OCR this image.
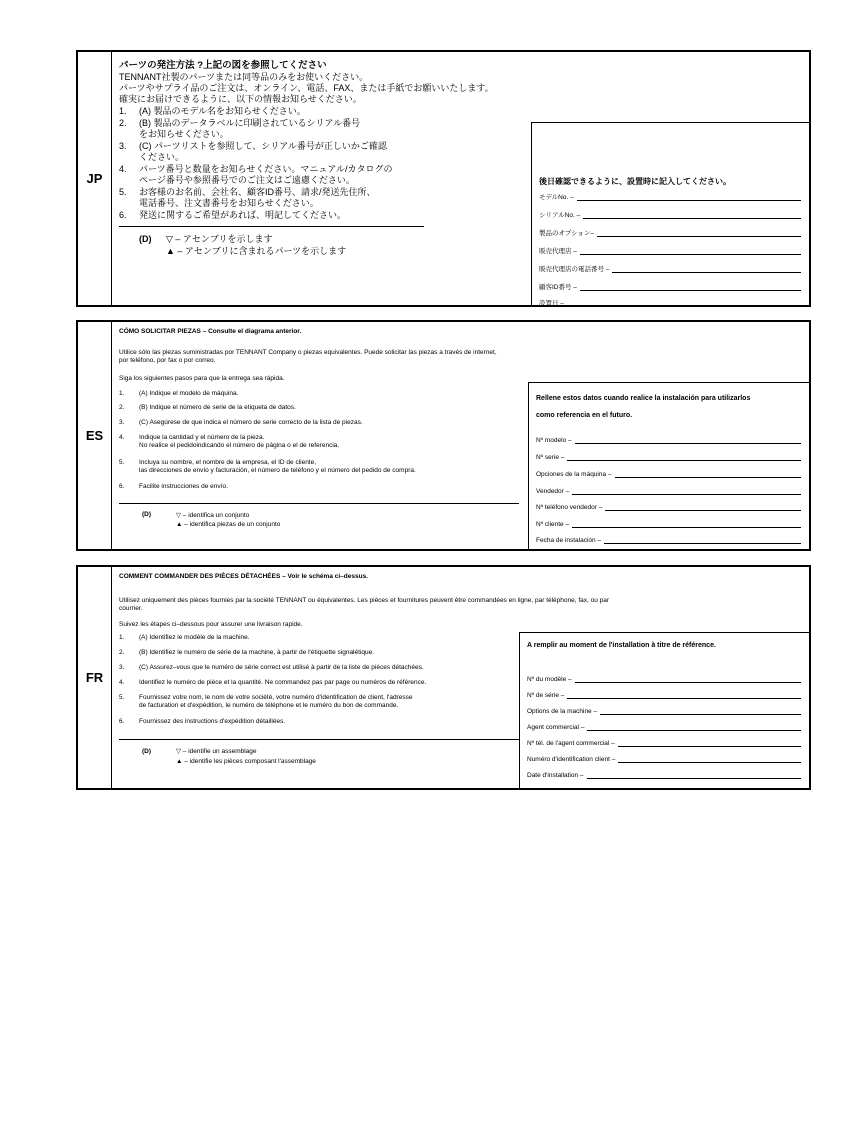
JP
パーツの発注方法 ?上記の図を参照してください
TENNANT社製のパーツまたは同等品のみをお使いください。
パーツやサプライ品のご注文は、オンライン、電話、FAX、または手紙でお願いいたします。
確実にお届けできるように、以下の情報お知らせください。
1. (A) 製品のモデル名をお知らせください。
2. (B) 製品のデータラベルに印刷されているシリアル番号
をお知らせください。
3. (C) パーツリストを参照して、シリアル番号が正しいかご確認
ください。
4. パーツ番号と数量をお知らせください。マニュアル/カタログの
ページ番号や参照番号でのご注文はご遠慮ください。
5. お客様のお名前、会社名、顧客ID番号、請求/発送先住所、
電話番号、注文書番号をお知らせください。
6. 発送に関するご希望があれば、明記してください。
(D) ▽ – アセンブリを示します
▲ – アセンブリに含まれるパーツを示します
後日確認できるように、設置時に記入してください。
モデルNo. –
シリアルNo. –
製品のオプション–
販売代理店 –
販売代理店の電話番号 –
顧客ID番号 –
設置日 –
ES
CÓMO SOLICITAR PIEZAS – Consulte el diagrama anterior.
Utilice sólo las piezas suministradas por TENNANT Company o piezas equivalentes. Puede solicitar las piezas a través de internet,
por teléfono, por fax o por correo.
Siga los siguientes pasos para que la entrega sea rápida.
1. (A) Indique el modelo de máquina.
2. (B) Indique el número de serie de la etiqueta de datos.
3. (C) Asegúrese de que indica el número de serie correcto de la lista de piezas.
4. Indique la cantidad y el número de la pieza.
No realice el pedidoindicando el número de página o el de referencia.
5. Incluya su nombre, el nombre de la empresa, el ID de cliente,
las direcciones de envío y facturación, el número de teléfono y el número del pedido de compra.
6. Facilite instrucciones de envío.
(D)	▽ – identifica un conjunto
▲ – identifica piezas de un conjunto
Rellene estos datos cuando realice la instalación para utilizarlos
como referencia en el futuro.
Nº modelo –
Nº serie –
Opciones de la máquina –
Vendedor –
Nº teléfono vendedor –
Nº cliente –
Fecha de instalación –
FR
COMMENT COMMANDER DES PIÈCES DÉTACHÉES – Voir le schéma ci–dessus.
Utilisez uniquement des pièces fournies par la société TENNANT ou équivalentes. Les pièces et fournitures peuvent être commandées en ligne, par téléphone, fax, ou par
courrier.
Suivez les étapes ci–dessous pour assurer une livraison rapide.
1. (A) Identifiez le modèle de la machine.
2. (B) Identifiez le numéro de série de la machine, à partir de l'étiquette signalétique.
3. (C) Assurez–vous que le numéro de série correct est utilisé à partir de la liste de pièces détachées.
4. Identifiez le numéro de pièce et la quantité. Ne commandez pas par page ou numéros de référence.
5. Fournissez votre nom, le nom de votre société, votre numéro d'identification de client, l'adresse
de facturation et d'expédition, le numéro de téléphone et le numéro du bon de commande.
6. Fournissez des instructions d'expédition détaillées.
(D)	▽ – identifie un assemblage
▲ – identifie les pièces composant l'assemblage
A remplir au moment de l'installation à titre de référence.
Nº du modèle –
Nº de série –
Options de la machine –
Agent commercial –
Nº tél. de l'agent commercial –
Numéro d'identification client –
Date d'installation –
